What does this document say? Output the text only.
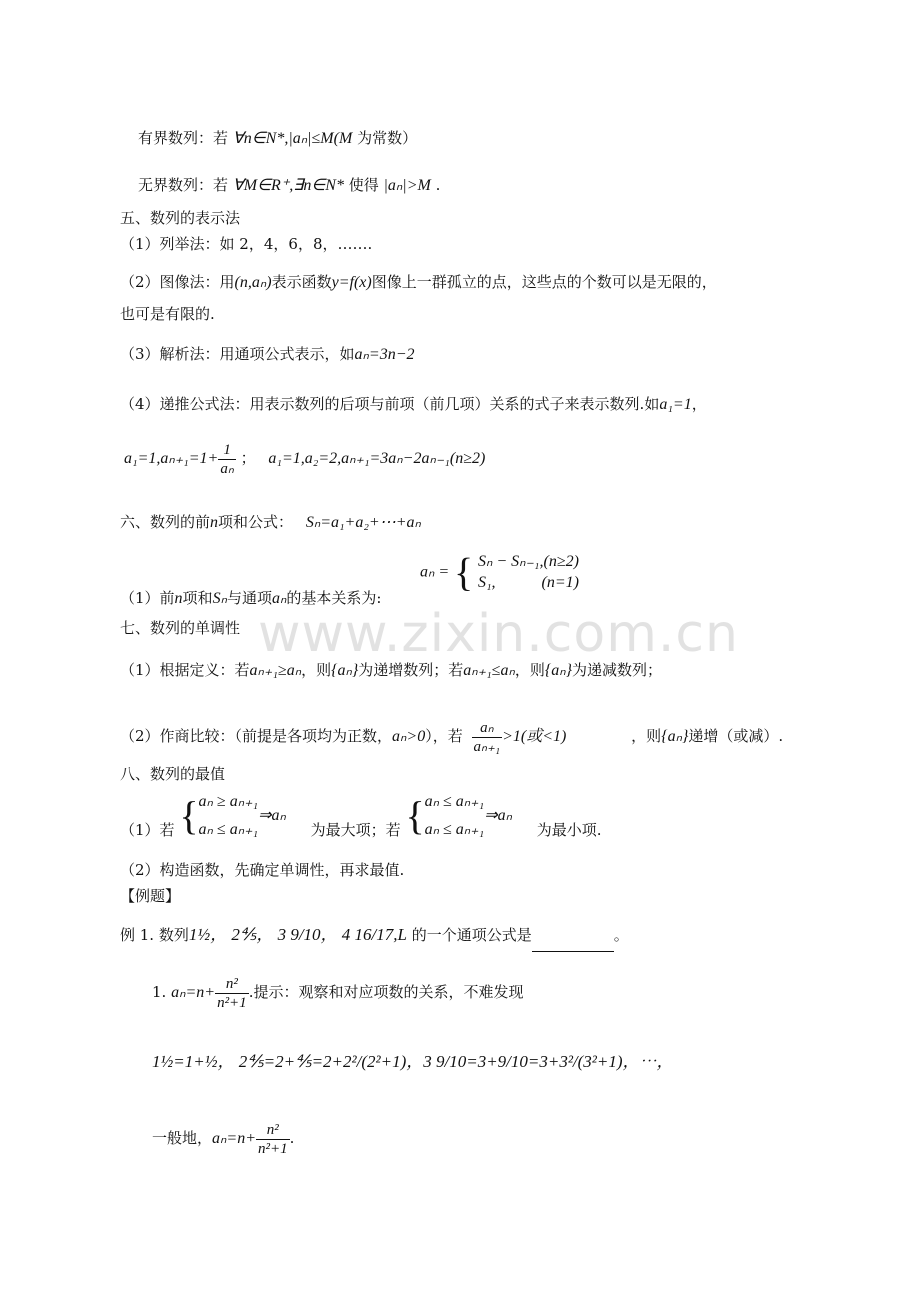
www.zixin.com.cn
有界数列：若 ∀n∈N*,|aₙ|≤M(M 为常数）
无界数列：若 ∀M∈R⁺,∃n∈N* 使得 |aₙ|>M .
五、数列的表示法
（1）列举法：如 2，4，6，8，…….
（2）图像法：用(n,aₙ)表示函数y=f(x)图像上一群孤立的点，这些点的个数可以是无限的，
也可是有限的.
（3）解析法：用通项公式表示，如aₙ=3n−2
（4）递推公式法：用表示数列的后项与前项（前几项）关系的式子来表示数列.如a₁=1，
$a_1=1,a_{n+1}=1+ \frac{1}{\text{aₙ}}$ ； a₁=1,a₂=2,aₙ₊₁=3aₙ−2aₙ₋₁(n≥2)
六、数列的前n项和公式： Sₙ=a₁+a₂+⋯+aₙ
aₙ = { Sₙ − Sₙ₋₁,(n≥2)
S₁,	(n=1)
（1）前n项和Sₙ与通项aₙ的基本关系为:
七、数列的单调性
（1）根据定义：若aₙ₊₁≥aₙ，则{aₙ}为递增数列；若aₙ₊₁≤aₙ，则{aₙ}为递减数列；
（2）作商比较：（前提是各项均为正数，aₙ>0），若 $\frac{\text{aₙ}}{\text{aₙ₊₁}} >1$(或<1)	，则{aₙ}递增（或减）.
八、数列的最值
（1）若 { aₙ ≥ aₙ₊₁
aₙ ≤ aₙ₊₁
⇒aₙ 为最大项；若 { aₙ ≤ aₙ₊₁
aₙ ≤ aₙ₊₁
⇒aₙ 为最小项.
（2）构造函数，先确定单调性，再求最值.
【例题】
例 1. 数列1½， 2⅘， 3 9/10， 4 16/17,L 的一个通项公式是	。
1. $a_n=n+ \frac{\text{n²}}{\text{n²+1}}$ .提示：观察和对应项数的关系，不难发现
1½=1+½， 2⅘=2+⅘=2+2²/(2²+1)，3 9/10=3+9/10=3+3²/(3²+1)，⋯，
一般地，$a_n=n+ \frac{\text{n²}}{\text{n²+1}}$ .
